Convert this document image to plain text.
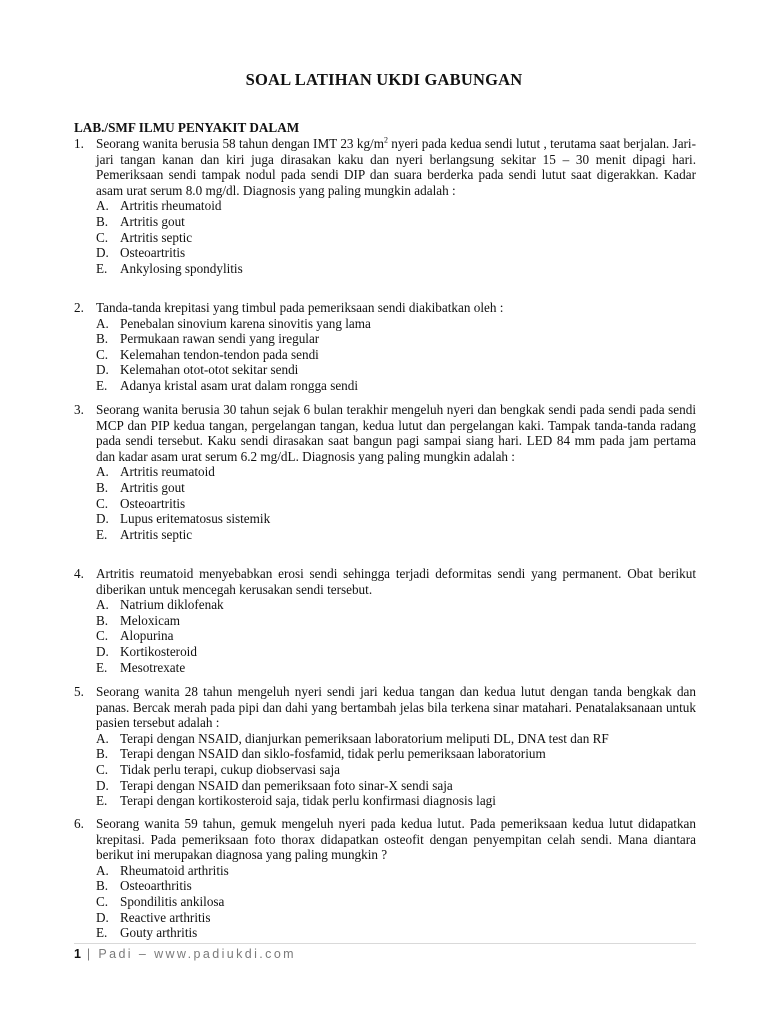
SOAL LATIHAN UKDI GABUNGAN
LAB./SMF ILMU PENYAKIT DALAM
1. Seorang wanita berusia 58 tahun dengan IMT 23 $kg/m^2$ nyeri pada kedua sendi lutut , terutama saat berjalan. Jari-jari tangan kanan dan kiri juga dirasakan kaku dan nyeri berlangsung sekitar 15 – 30 menit dipagi hari. Pemeriksaan sendi tampak nodul pada sendi DIP dan suara berderka pada sendi lutut saat digerakkan. Kadar asam urat serum 8.0 mg/dl. Diagnosis yang paling mungkin adalah :
A. Artritis rheumatoid
B. Artritis gout
C. Artritis septic
D. Osteoartritis
E. Ankylosing spondylitis
2. Tanda-tanda krepitasi yang timbul pada pemeriksaan sendi diakibatkan oleh :
A. Penebalan sinovium karena sinovitis yang lama
B. Permukaan rawan sendi yang iregular
C. Kelemahan tendon-tendon pada sendi
D. Kelemahan otot-otot sekitar sendi
E. Adanya kristal asam urat dalam rongga sendi
3. Seorang wanita berusia 30 tahun sejak 6 bulan terakhir mengeluh nyeri dan bengkak sendi pada sendi pada sendi MCP dan PIP kedua tangan, pergelangan tangan, kedua lutut dan pergelangan kaki. Tampak tanda-tanda radang pada sendi tersebut. Kaku sendi dirasakan saat bangun pagi sampai siang hari. LED 84 mm pada jam pertama dan kadar asam urat serum 6.2 mg/dL. Diagnosis yang paling mungkin adalah :
A. Artritis reumatoid
B. Artritis gout
C. Osteoartritis
D. Lupus eritematosus sistemik
E. Artritis septic
4. Artritis reumatoid menyebabkan erosi sendi sehingga terjadi deformitas sendi yang permanent. Obat berikut diberikan untuk mencegah kerusakan sendi tersebut.
A. Natrium diklofenak
B. Meloxicam
C. Alopurina
D. Kortikosteroid
E. Mesotrexate
5. Seorang wanita 28 tahun mengeluh nyeri sendi jari kedua tangan dan kedua lutut dengan tanda bengkak dan panas. Bercak merah pada pipi dan dahi yang bertambah jelas bila terkena sinar matahari. Penatalaksanaan untuk pasien tersebut adalah :
A. Terapi dengan NSAID, dianjurkan pemeriksaan laboratorium meliputi DL, DNA test dan RF
B. Terapi dengan NSAID dan siklo-fosfamid, tidak perlu pemeriksaan laboratorium
C. Tidak perlu terapi, cukup diobservasi saja
D. Terapi dengan NSAID dan pemeriksaan foto sinar-X sendi saja
E. Terapi dengan kortikosteroid saja, tidak perlu konfirmasi diagnosis lagi
6. Seorang wanita 59 tahun, gemuk mengeluh nyeri pada kedua lutut. Pada pemeriksaan kedua lutut didapatkan krepitasi. Pada pemeriksaan foto thorax didapatkan osteofit dengan penyempitan celah sendi. Mana diantara berikut ini merupakan diagnosa yang paling mungkin ?
A. Rheumatoid arthritis
B. Osteoarthritis
C. Spondilitis ankilosa
D. Reactive arthritis
E. Gouty arthritis
1 | Padi – www.padiukdi.com
